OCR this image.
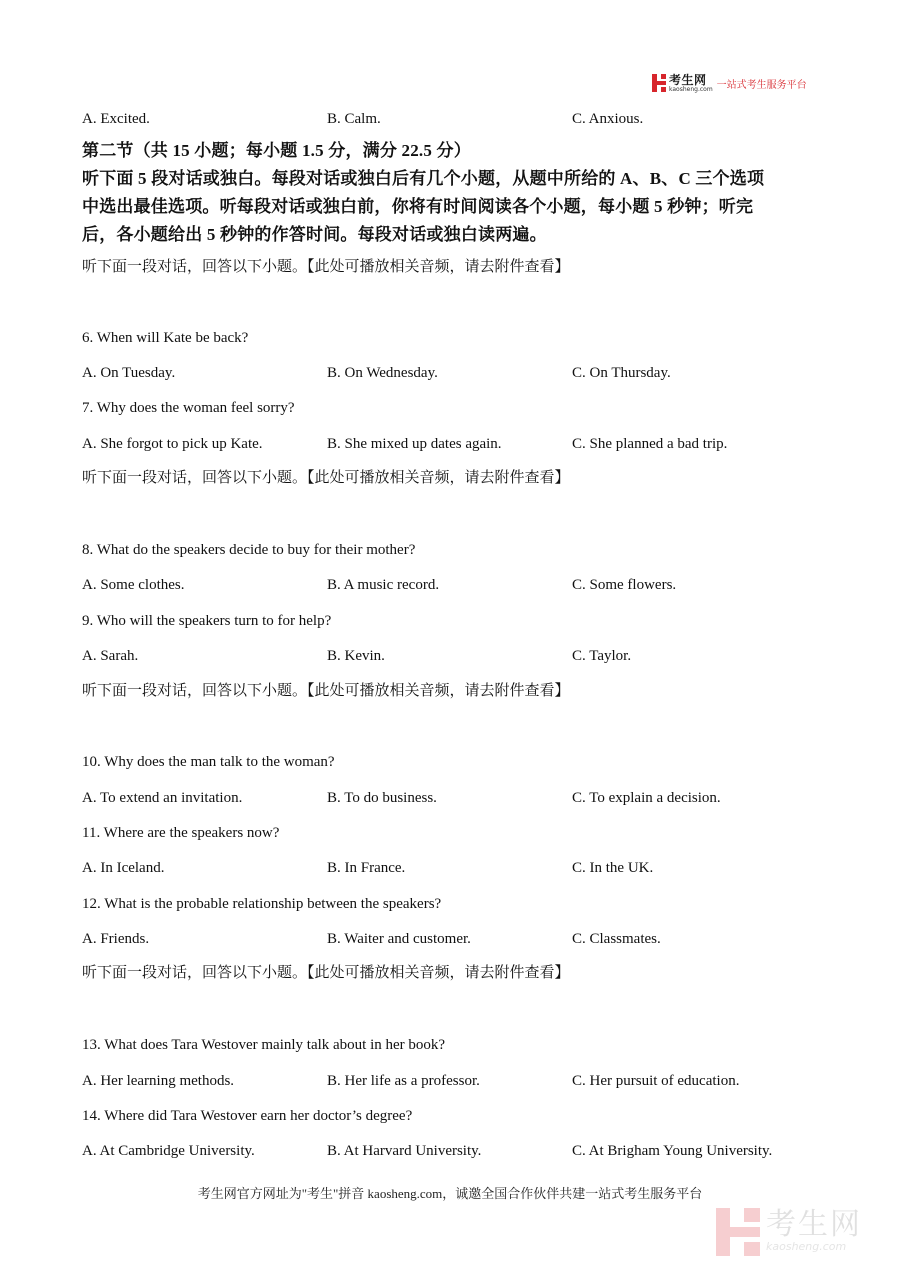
考生网
kaosheng.com 一站式考生服务平台
A. Excited.	B. Calm.	C. Anxious.
第二节（共 15 小题；每小题 1.5 分，满分 22.5 分）
听下面 5 段对话或独白。每段对话或独白后有几个小题，从题中所给的 A、B、C 三个选项
中选出最佳选项。听每段对话或独白前，你将有时间阅读各个小题，每小题 5 秒钟；听完
后，各小题给出 5 秒钟的作答时间。每段对话或独白读两遍。
听下面一段对话，回答以下小题。【此处可播放相关音频，请去附件查看】
6. When will Kate be back?
A. On Tuesday.	B. On Wednesday.	C. On Thursday.
7. Why does the woman feel sorry?
A. She forgot to pick up Kate.	B. She mixed up dates again.	C. She planned a bad trip.
听下面一段对话，回答以下小题。【此处可播放相关音频，请去附件查看】
8. What do the speakers decide to buy for their mother?
A. Some clothes.	B. A music record.	C. Some flowers.
9. Who will the speakers turn to for help?
A. Sarah.	B. Kevin.	C. Taylor.
听下面一段对话，回答以下小题。【此处可播放相关音频，请去附件查看】
10. Why does the man talk to the woman?
A. To extend an invitation.	B. To do business.	C. To explain a decision.
11. Where are the speakers now?
A. In Iceland.	B. In France.	C. In the UK.
12. What is the probable relationship between the speakers?
A. Friends.	B. Waiter and customer.	C. Classmates.
听下面一段对话，回答以下小题。【此处可播放相关音频，请去附件查看】
13. What does Tara Westover mainly talk about in her book?
A. Her learning methods.	B. Her life as a professor.	C. Her pursuit of education.
14. Where did Tara Westover earn her doctor’s degree?
A. At Cambridge University.	B. At Harvard University.	C. At Brigham Young University.
考生网官方网址为"考生"拼音 kaosheng.com，诚邀全国合作伙伴共建一站式考生服务平台
考生网
kaosheng.com
